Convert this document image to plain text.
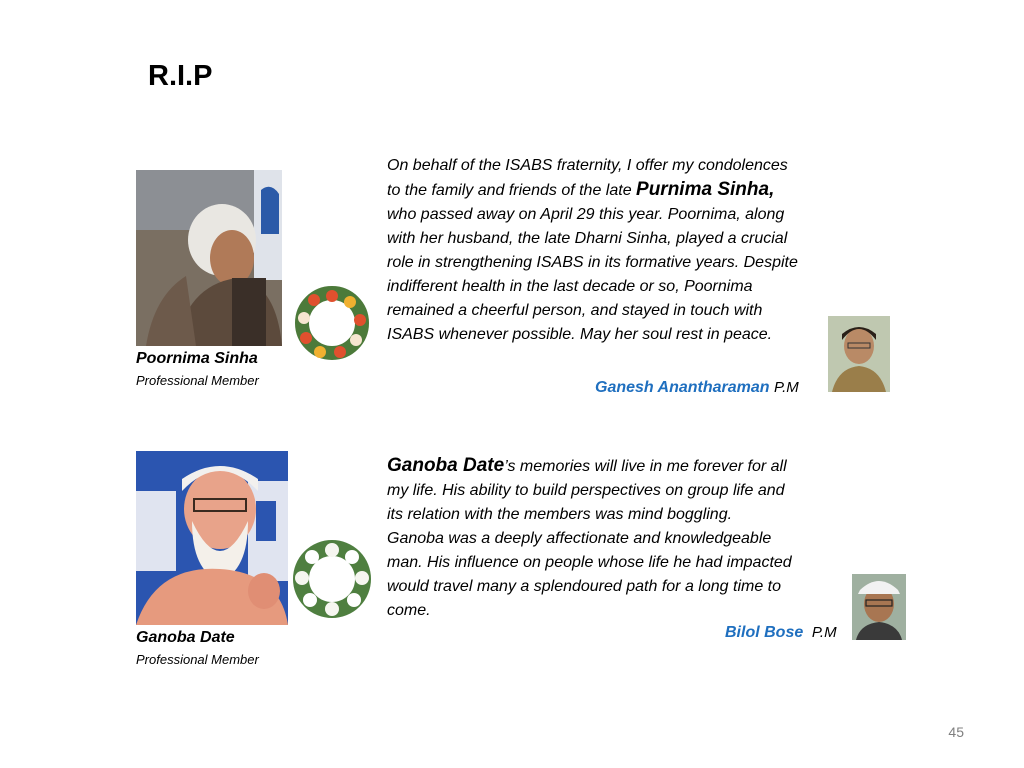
R.I.P
Poornima Sinha
Professional Member
On behalf of the ISABS fraternity, I offer my condolences
to the family and friends of the late Purnima Sinha,
who passed away on April 29 this year. Poornima, along
with her husband, the late Dharni Sinha, played a crucial
role in strengthening ISABS in its formative years. Despite
indifferent health in the last decade or so, Poornima
remained a cheerful person, and stayed in touch with
ISABS whenever possible. May her soul rest in peace.
Ganesh Anantharaman P.M
Ganoba Date
Professional Member
Ganoba Date’s memories will live in me forever for all
my life. His ability to build perspectives on group life and
its relation with the members was mind boggling.
Ganoba was a deeply affectionate and knowledgeable
man. His influence on people whose life he had impacted
would travel many a splendoured path for a long time to
come.
Bilol Bose  P.M
45
